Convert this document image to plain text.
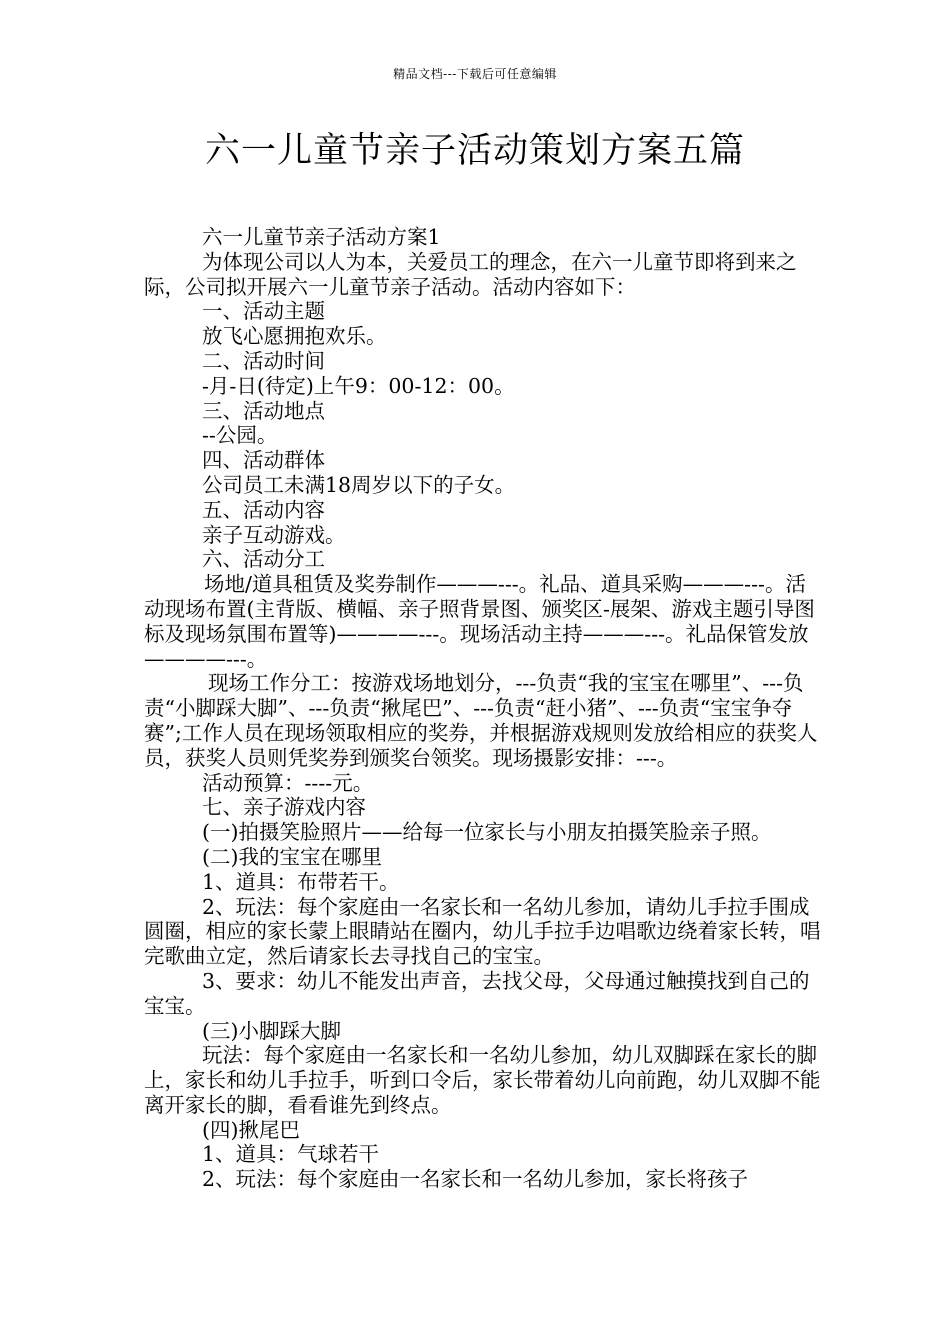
精品文档---下载后可任意编辑
六一儿童节亲子活动策划方案五篇

六一儿童节亲子活动方案1

为体现公司以人为本，关爱员工的理念，在六一儿童节即将到来之际，公司拟开展六一儿童节亲子活动。活动内容如下：

一、活动主题

放飞心愿拥抱欢乐。

二、活动时间

-月-日(待定)上午9：00-12：00。

三、活动地点

--公园。

四、活动群体

公司员工未满18周岁以下的子女。

五、活动内容

亲子互动游戏。

六、活动分工

场地/道具租赁及奖券制作———---。礼品、道具采购———---。活动现场布置(主背版、横幅、亲子照背景图、颁奖区-展架、游戏主题引导图标及现场氛围布置等)————---。现场活动主持———---。礼品保管发放————---。

现场工作分工：按游戏场地划分，---负责“我的宝宝在哪里”、---负责“小脚踩大脚”、---负责“揪尾巴”、---负责“赶小猪”、---负责“宝宝争夺赛”;工作人员在现场领取相应的奖券，并根据游戏规则发放给相应的获奖人员，获奖人员则凭奖券到颁奖台领奖。现场摄影安排：---。

活动预算：----元。

七、亲子游戏内容

(一)拍摄笑脸照片——给每一位家长与小朋友拍摄笑脸亲子照。

(二)我的宝宝在哪里

1、道具：布带若干。

2、玩法：每个家庭由一名家长和一名幼儿参加，请幼儿手拉手围成圆圈，相应的家长蒙上眼睛站在圈内，幼儿手拉手边唱歌边绕着家长转，唱完歌曲立定，然后请家长去寻找自己的宝宝。

3、要求：幼儿不能发出声音，去找父母，父母通过触摸找到自己的宝宝。

(三)小脚踩大脚

玩法：每个家庭由一名家长和一名幼儿参加，幼儿双脚踩在家长的脚上，家长和幼儿手拉手，听到口令后，家长带着幼儿向前跑，幼儿双脚不能离开家长的脚，看看谁先到终点。

(四)揪尾巴

1、道具：气球若干

2、玩法：每个家庭由一名家长和一名幼儿参加，家长将孩子
